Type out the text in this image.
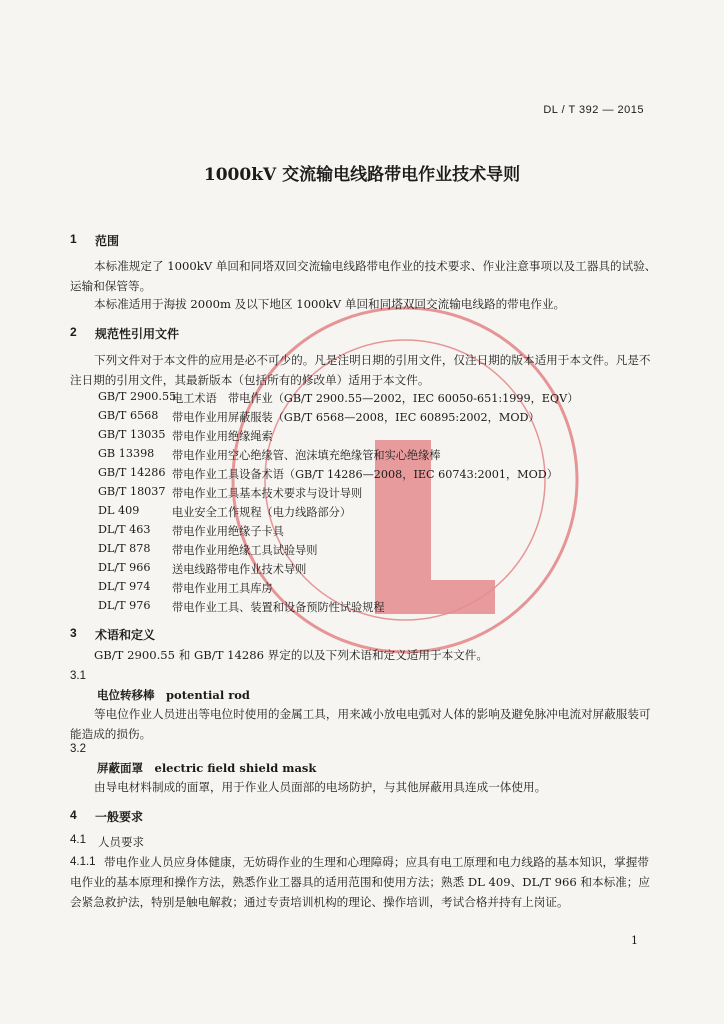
DL / T 392 — 2015
1000kV 交流输电线路带电作业技术导则
1 范围
本标准规定了 1000kV 单回和同塔双回交流输电线路带电作业的技术要求、作业注意事项以及工器具的试验、运输和保管等。
本标准适用于海拔 2000m 及以下地区 1000kV 单回和同塔双回交流输电线路的带电作业。
2 规范性引用文件
下列文件对于本文件的应用是必不可少的。凡是注明日期的引用文件，仅注日期的版本适用于本文件。凡是不注日期的引用文件，其最新版本（包括所有的修改单）适用于本文件。
GB/T 2900.55
电工术语　带电作业（GB/T 2900.55—2002，IEC 60050-651:1999，EQV）
GB/T 6568 带电作业用屏蔽服装（GB/T 6568—2008，IEC 60895:2002，MOD）
GB/T 13035 带电作业用绝缘绳索
GB 13398 带电作业用空心绝缘管、泡沫填充绝缘管和实心绝缘棒
GB/T 14286 带电作业工具设备术语（GB/T 14286—2008，IEC 60743:2001，MOD）
GB/T 18037 带电作业工具基本技术要求与设计导则
DL 409	电业安全工作规程（电力线路部分）
DL/T 463 带电作业用绝缘子卡具
DL/T 878 带电作业用绝缘工具试验导则
DL/T 966 送电线路带电作业技术导则
DL/T 974 带电作业用工具库房
DL/T 976 带电作业工具、装置和设备预防性试验规程
3 术语和定义
GB/T 2900.55 和 GB/T 14286 界定的以及下列术语和定义适用于本文件。
3.1
电位转移棒　potential rod
等电位作业人员进出等电位时使用的金属工具，用来减小放电电弧对人体的影响及避免脉冲电流对屏蔽服装可能造成的损伤。
3.2
屏蔽面罩　electric field shield mask
由导电材料制成的面罩，用于作业人员面部的电场防护，与其他屏蔽用具连成一体使用。
4 一般要求
4.1 人员要求
带电作业人员应身体健康，无妨碍作业的生理和心理障碍；应具有电工原理和电力线路的基本知识，掌握带电作业的基本原理和操作方法，熟悉作业工器具的适用范围和使用方法；熟悉 DL 409、DL/T 966 和本标准；应会紧急救护法，特别是触电解救；通过专责培训机构的理论、操作培训，考试合格并持有上岗证。
4.1.1
1
